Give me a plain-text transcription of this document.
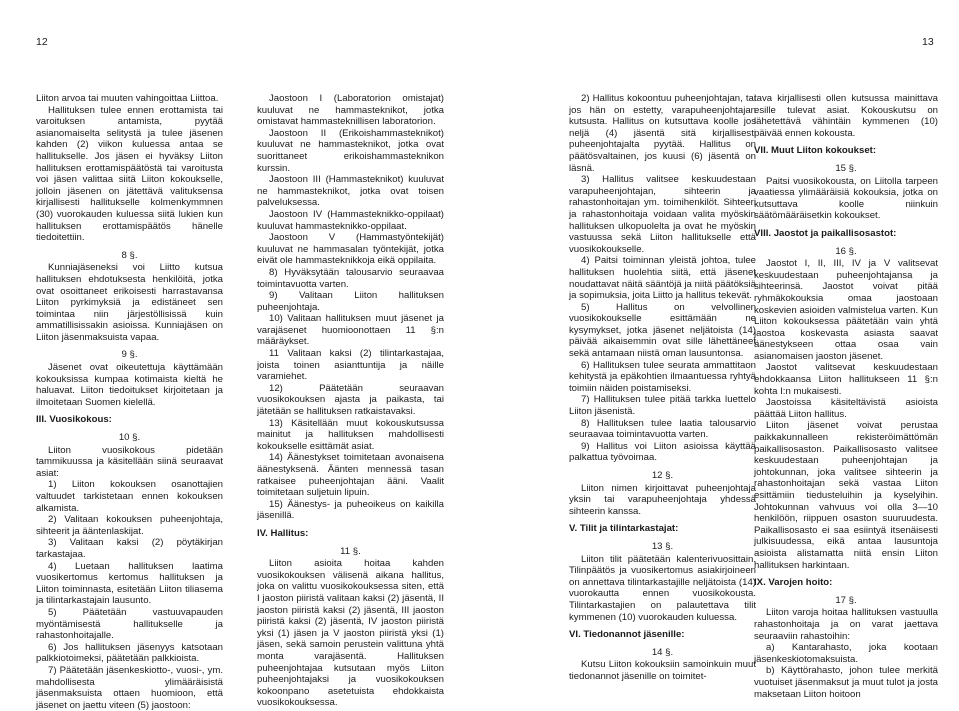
12	13

Liiton arvoa tai muuten vahingoittaa Liittoa.

Hallituksen tulee ennen erottamista tai varoituksen antamista, pyytää asianomaiselta selitystä ja tulee jäsenen kahden (2) viikon kuluessa antaa se hallitukselle. Jos jäsen ei hyväksy Liiton hallituksen erottamispäätöstä tai varoitusta voi jäsen valittaa siitä Liiton kokoukselle, jolloin jäsenen on jätettävä valituksensa kirjallisesti hallitukselle kolmenkymmnen (30) vuorokauden kuluessa siitä lukien kun hallituksen erottamispäätös hänelle tiedoitettiin.

8 §.

Kunniajäseneksi voi Liitto kutsua hallituksen ehdotuksesta henkilöitä, jotka ovat osoittaneet erikoisesti harrastavansa Liiton pyrkimyksiä ja edistäneet sen toimintaa niin järjestöllisissä kuin ammatillisissakin asioissa. Kunniajäsen on Liiton jäsenmaksuista vapaa.

9 §.

Jäsenet ovat oikeutettuja käyttämään kokouksissa kumpaa kotimaista kieltä he haluavat. Liiton tiedoitukset kirjoitetaan ja ilmoitetaan Suomen kielellä.

III. Vuosikokous:
10 §.

Liiton vuosikokous pidetään tammikuussa ja käsitellään siinä seuraavat asiat:

1) Liiton kokouksen osanottajien valtuudet tarkistetaan ennen kokouksen alkamista.

2) Valitaan kokouksen puheenjohtaja, sihteerit ja ääntenlaskijat.

3) Valitaan kaksi (2) pöytäkirjan tarkastajaa.

4) Luetaan hallituksen laatima vuosikertomus kertomus hallituksen ja Liiton toiminnasta, esitetään Liiton tiliasema ja tilintarkastajain lausunto.

5) Päätetään vastuuvapauden myöntämisestä hallitukselle ja rahastonhoitajalle.

6) Jos hallituksen jäsenyys katsotaan palkkiotoimeksi, päätetään palkkioista.

7) Päätetään jäsenkeskiotto-, vuosi-, ym. mahdollisesta ylimääräisistä jäsenmaksuista ottaen huomioon, että jäsenet on jaettu viteen (5) jaostoon:

Jaostoon I (Laboratorion omistajat) kuuluvat ne hammasteknikot, jotka omistavat hammasteknillisen laboratorion.

Jaostoon II (Erikoishammasteknikot) kuuluvat ne hammasteknikot, jotka ovat suorittaneet erikoishammasteknikon kurssin.

Jaostoon III (Hammasteknikot) kuuluvat ne hammasteknikot, jotka ovat toisen palveluksessa.

Jaostoon IV (Hammasteknikko-oppilaat) kuuluvat hammasteknikko-oppilaat.

Jaostoon V (Hammastyöntekijät) kuuluvat ne hammasalan työntekijät, jotka eivät ole hammasteknikkoja eikä oppilaita.

8) Hyväksytään talousarvio seuraavaa toimintavuotta varten.

9) Valitaan Liiton hallituksen puheenjohtaja.

10) Valitaan hallituksen muut jäsenet ja varajäsenet huomioonottaen 11 §:n määräykset.

11 Valitaan kaksi (2) tilintarkastajaa, joista toinen asianttuntija ja näille varamiehet.

12) Päätetään seuraavan vuosikokouksen ajasta ja paikasta, tai jätetään se hallituksen ratkaistavaksi.

13) Käsitellään muut kokouskutsussa mainitut ja hallituksen mahdollisesti kokoukselle esittämät asiat.

14) Äänestykset toimitetaan avonaisena äänestyksenä. Äänten mennessä tasan ratkaisee puheenjohtajan ääni. Vaalit toimitetaan suljetuin lipuin.

15) Äänestys- ja puheoikeus on kaikilla jäsenillä.

IV. Hallitus:
11 §.

Liiton asioita hoitaa kahden vuosikokouksen välisenä aikana hallitus, joka on valittu vuosikokouksessa siten, että I jaoston piiristä valitaan kaksi (2) jäsentä, II jaoston piiristä kaksi (2) jäsentä, III jaoston piiristä kaksi (2) jäsentä, IV jaoston piiristä yksi (1) jäsen ja V jaoston piiristä yksi (1) jäsen, sekä samoin perustein valittuna yhtä monta varajäsentä. Hallituksen puheenjohtajaa kutsutaan myös Liiton puheenjohtajaksi ja vuosikokouksen kokoonpano asetetuista ehdokkaista vuosikokouksessa.

2) Hallitus kokoontuu puheenjohtajan, tai jos hän on estetty, varapuheenjohtajan kutsusta. Hallitus on kutsuttava koolle jos neljä (4) jäsentä sitä kirjallisesti puheenjohtajalta pyytää. Hallitus on päätösvaltainen, jos kuusi (6) jäsentä on läsnä.

3) Hallitus valitsee keskuudestaan varapuheenjohtajan, sihteerin ja rahastonhoitajan ym. toimihenkilöt. Sihteeri ja rahastonhoitaja voidaan valita myöskin hallituksen ulkopuolelta ja ovat he myöskin vastuussa sekä Liiton hallitukselle että vuosikokoukselle.

4) Paitsi toiminnan yleistä johtoa, tulee hallituksen huolehtia siitä, että jäsenet noudattavat näitä sääntöjä ja niitä päätöksiä ja sopimuksia, joita Liitto ja hallitus tekevät.

5) Hallitus on velvollinen vuosikokoukselle esittämään ne kysymykset, jotka jäsenet neljätoista (14) päivää aikaisemmin ovat sille lähettäneet sekä antamaan niistä oman lausuntonsa.

6) Hallituksen tulee seurata ammattitaon kehitystä ja epäkohtien ilmaantuessa ryhtyä toimiin näiden poistamiseksi.

7) Hallituksen tulee pitää tarkka luettelo Liiton jäsenistä.

8) Hallituksen tulee laatia talousarvio seuraavaa toimintavuotta varten.

9) Hallitus voi Liiton asioissa käyttää palkattua työvoimaa.

12 §.

Liiton nimen kirjoittavat puheenjohtaja yksin tai varapuheenjohtaja yhdessä sihteerin kanssa.

V. Tilit ja tilintarkastajat:
13 §.

Liiton tilit päätetään kalenterivuosittain. Tilinpäätös ja vuosikertomus asiakirjoineen on annettava tilintarkastajille neljätoista (14) vuorokautta ennen vuosikokousta. Tilintarkastajien on palautettava tilit kymmenen (10) vuorokauden kuluessa.

VI. Tiedonannot jäsenille:
14 §.

Kutsu Liiton kokouksiin samoinkuin muut tiedonannot jäsenille on toimitet-

tava kirjallisesti ollen kutsussa mainittava esille tulevat asiat. Kokouskutsu on lähetettävä vähintäin kymmenen (10) päivää ennen kokousta.

VII. Muut Liiton kokoukset:
15 §.

Paitsi vuosikokousta, on Liitolla tarpeen vaatiessa ylimääräisiä kokouksia, jotka on kutsuttava koolle niinkuin säätömääräisetkin kokoukset.

VIII. Jaostot ja paikallisosastot:
16 §.

Jaostot I, II, III, IV ja V valitsevat keskuudestaan puheenjohtajansa ja sihteerinsä. Jaostot voivat pitää ryhmäkokouksia omaa jaostoaan koskevien asioiden valmistelua varten. Kun Liiton kokouksessa päätetään vain yhtä jaostoa koskevasta asiasta saavat äänestykseen ottaa osaa vain asianomaisen jaoston jäsenet.

Jaostot valitsevat keskuudestaan ehdokkaansa Liiton hallitukseen 11 §:n kohta I:n mukaisesti.

Jaostoissa käsiteltävistä asioista päättää Liiton hallitus.

Liiton jäsenet voivat perustaa paikkakunnalleen rekisteröimättömän paikallisosaston. Paikallisosasto valitsee keskuudestaan puheenjohtajan ja johtokunnan, joka valitsee sihteerin ja rahastonhoitajan sekä vastaa Liiton esittämiin tiedusteluihin ja kyselyihin. Johtokunnan vahvuus voi olla 3—10 henkilöön, riippuen osaston suuruudesta. Paikallisosasto ei saa esiintyä itsenäisesti julkisuudessa, eikä antaa lausuntoja asioista alistamatta niitä ensin Liiton hallituksen harkintaan.

IX. Varojen hoito:
17 §.

Liiton varoja hoitaa hallituksen vastuulla rahastonhoitaja ja on varat jaettava seuraaviin rahastoihin:

a) Kantarahasto, joka kootaan jäsenkeskiotomaksuista.

b) Käyttörahasto, johon tulee merkitä vuotuiset jäsenmaksut ja muut tulot ja josta maksetaan Liiton hoitoon
